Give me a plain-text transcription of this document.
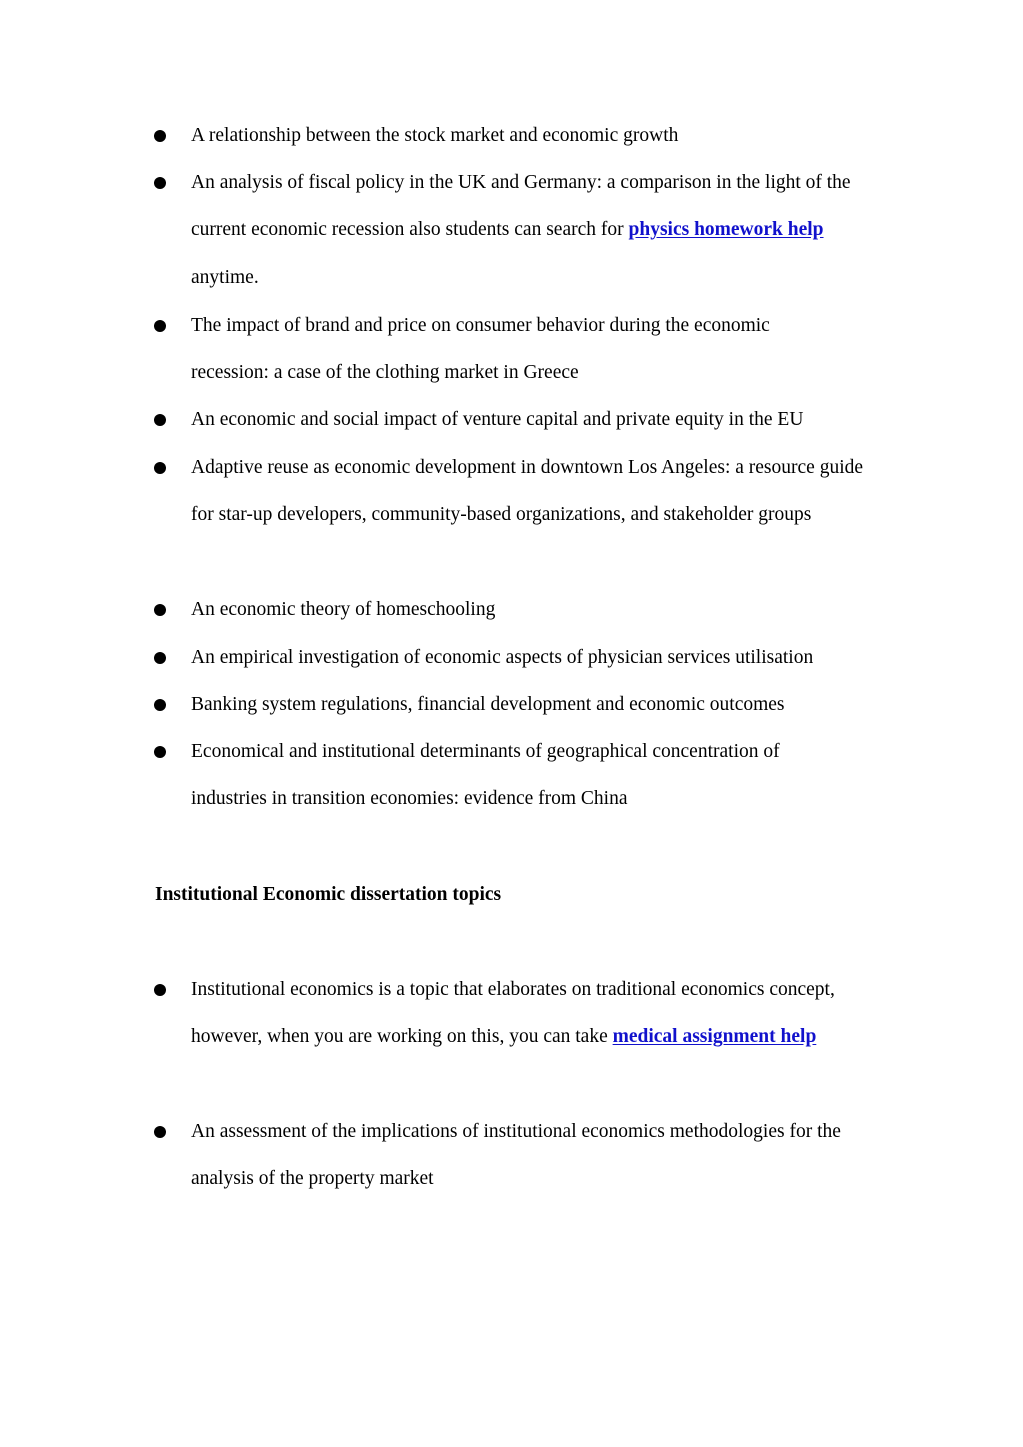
A relationship between the stock market and economic growth
An analysis of fiscal policy in the UK and Germany: a comparison in the light of the current economic recession also students can search for physics homework help anytime.
The impact of brand and price on consumer behavior during the economic recession: a case of the clothing market in Greece
An economic and social impact of venture capital and private equity in the EU
Adaptive reuse as economic development in downtown Los Angeles: a resource guide for star-up developers, community-based organizations, and stakeholder groups
An economic theory of homeschooling
An empirical investigation of economic aspects of physician services utilisation
Banking system regulations, financial development and economic outcomes
Economical and institutional determinants of geographical concentration of industries in transition economies: evidence from China
Institutional Economic dissertation topics
Institutional economics is a topic that elaborates on traditional economics concept, however, when you are working on this, you can take medical assignment help
An assessment of the implications of institutional economics methodologies for the analysis of the property market
